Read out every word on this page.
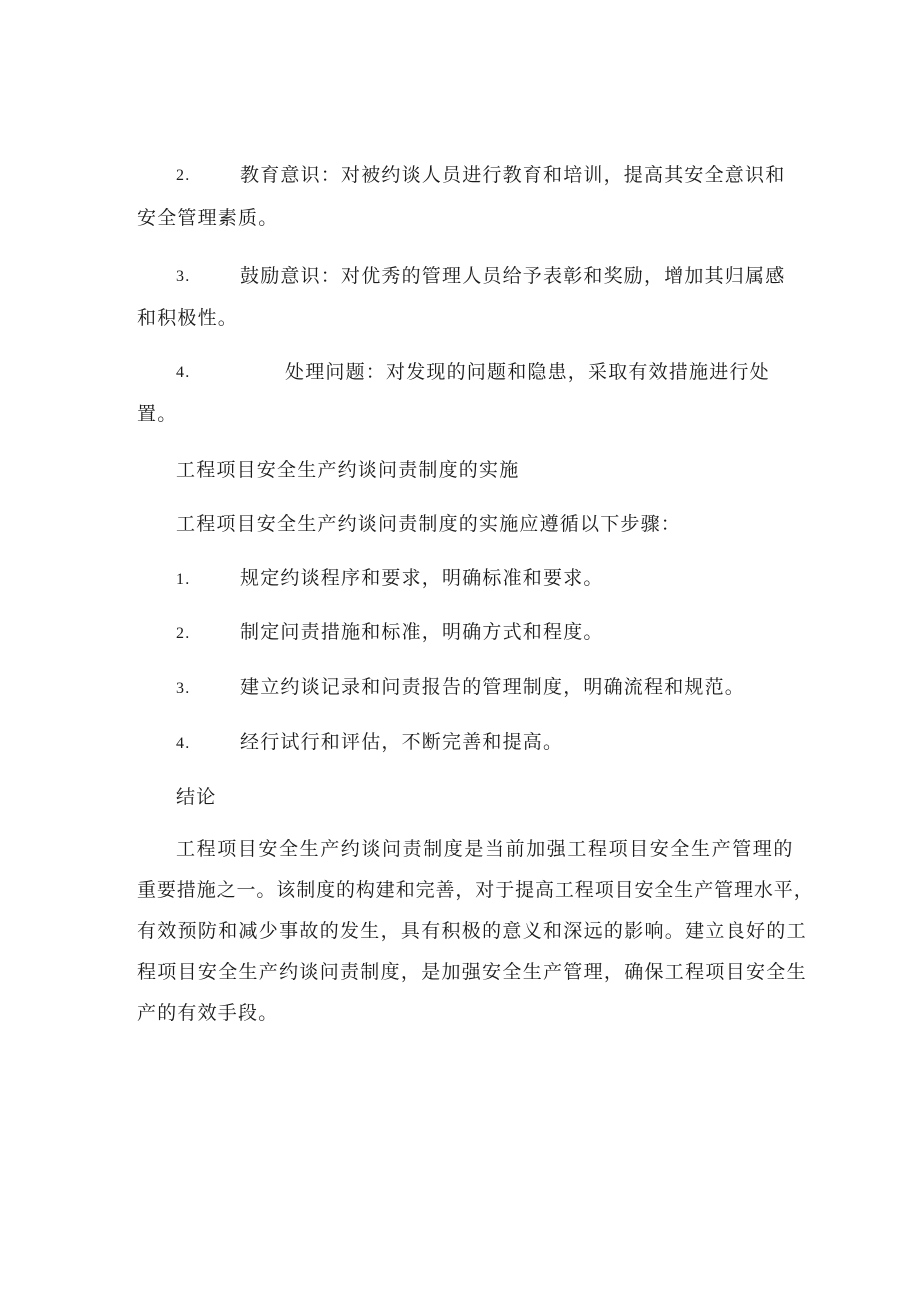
2.	教育意识：对被约谈人员进行教育和培训，提高其安全意识和
安全管理素质。
3.	鼓励意识：对优秀的管理人员给予表彰和奖励，增加其归属感
和积极性。
4.	处理问题：对发现的问题和隐患，采取有效措施进行处
置。
工程项目安全生产约谈问责制度的实施
工程项目安全生产约谈问责制度的实施应遵循以下步骤：
1.	规定约谈程序和要求，明确标准和要求。
2.	制定问责措施和标准，明确方式和程度。
3.	建立约谈记录和问责报告的管理制度，明确流程和规范。
4.	经行试行和评估，不断完善和提高。
结论
工程项目安全生产约谈问责制度是当前加强工程项目安全生产管理的
重要措施之一。该制度的构建和完善，对于提高工程项目安全生产管理水平，
有效预防和减少事故的发生，具有积极的意义和深远的影响。建立良好的工
程项目安全生产约谈问责制度，是加强安全生产管理，确保工程项目安全生
产的有效手段。
